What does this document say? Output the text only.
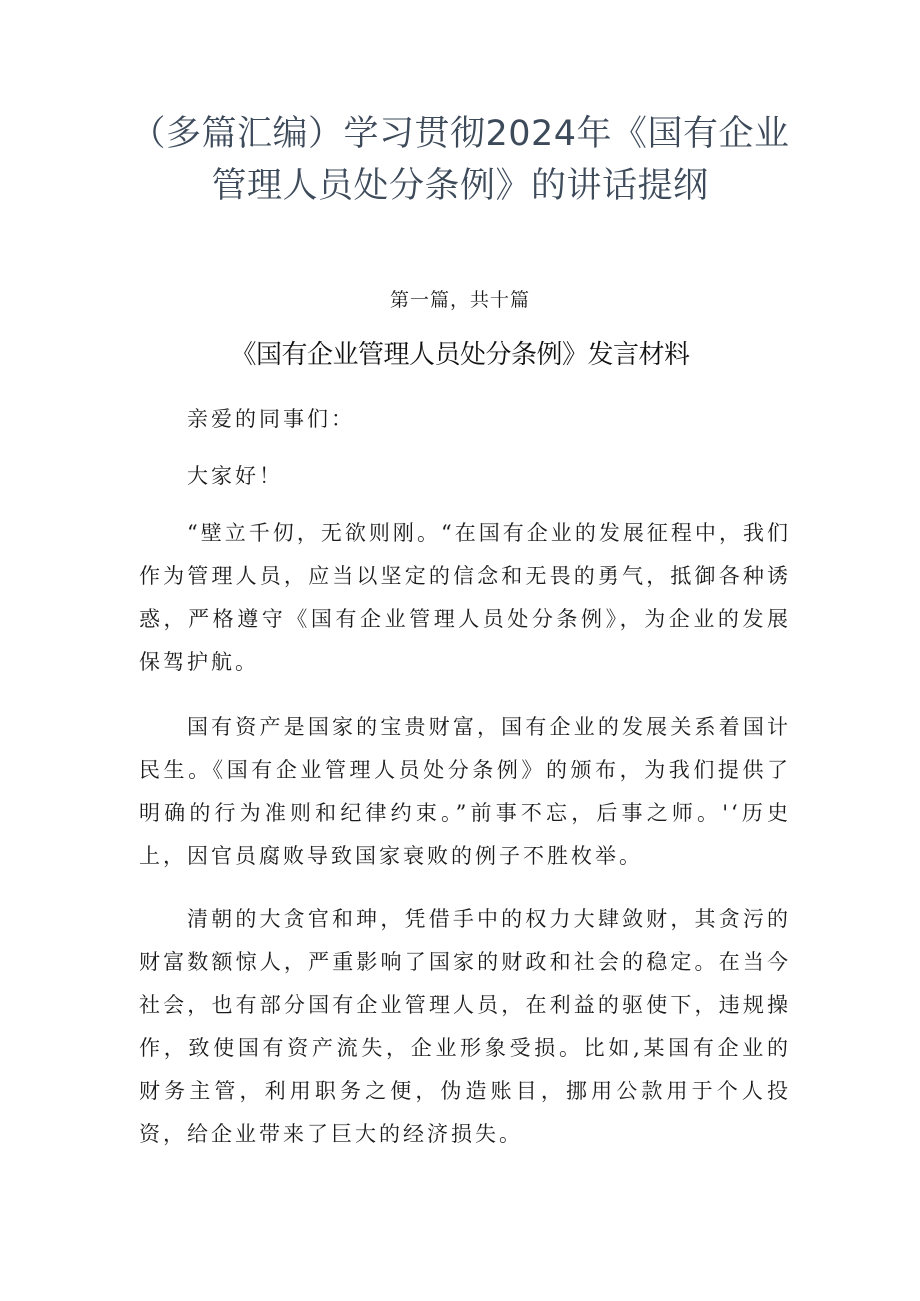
（多篇汇编）学习贯彻2024年《国有企业
管理人员处分条例》的讲话提纲
第一篇，共十篇
《国有企业管理人员处分条例》发言材料

亲爱的同事们：

大家好！

“壁立千仞，无欲则刚。“在国有企业的发展征程中，我们作为管理人员，应当以坚定的信念和无畏的勇气，抵御各种诱惑，严格遵守《国有企业管理人员处分条例》，为企业的发展保驾护航。

国有资产是国家的宝贵财富，国有企业的发展关系着国计民生。《国有企业管理人员处分条例》的颁布，为我们提供了明确的行为准则和纪律约束。”前事不忘，后事之师。'‘历史上，因官员腐败导致国家衰败的例子不胜枚举。

清朝的大贪官和珅，凭借手中的权力大肆敛财，其贪污的财富数额惊人，严重影响了国家的财政和社会的稳定。在当今社会，也有部分国有企业管理人员，在利益的驱使下，违规操作，致使国有资产流失，企业形象受损。比如,某国有企业的财务主管，利用职务之便，伪造账目，挪用公款用于个人投资，给企业带来了巨大的经济损失。
